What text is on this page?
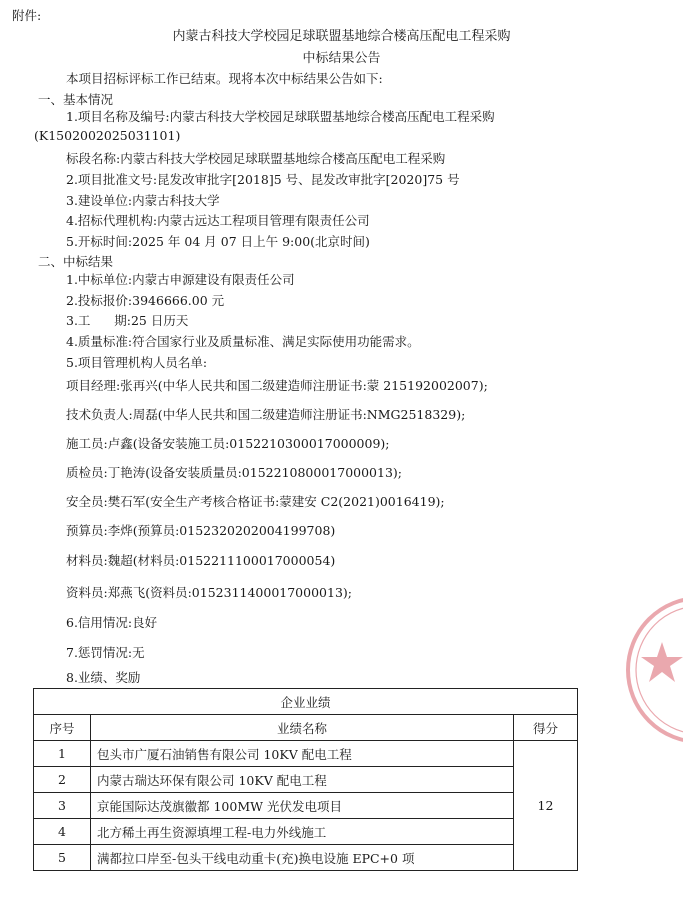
附件:
内蒙古科技大学校园足球联盟基地综合楼高压配电工程采购
中标结果公告
本项目招标评标工作已结束。现将本次中标结果公告如下:
一、基本情况
1.项目名称及编号:内蒙古科技大学校园足球联盟基地综合楼高压配电工程采购
(K1502002025031101)
标段名称:内蒙古科技大学校园足球联盟基地综合楼高压配电工程采购
2.项目批准文号:昆发改审批字[2018]5 号、昆发改审批字[2020]75 号
3.建设单位:内蒙古科技大学
4.招标代理机构:内蒙古远达工程项目管理有限责任公司
5.开标时间:2025 年 04 月 07 日上午 9:00(北京时间)
二、中标结果
1.中标单位:内蒙古申源建设有限责任公司
2.投标报价:3946666.00 元
3.工      期:25 日历天
4.质量标准:符合国家行业及质量标准、满足实际使用功能需求。
5.项目管理机构人员名单:
项目经理:张再兴(中华人民共和国二级建造师注册证书:蒙 215192002007);
技术负责人:周磊(中华人民共和国二级建造师注册证书:NMG2518329);
施工员:卢鑫(设备安装施工员:0152210300017000009);
质检员:丁艳涛(设备安装质量员:0152210800017000013);
安全员:樊石军(安全生产考核合格证书:蒙建安 C2(2021)0016419);
预算员:李烨(预算员:0152320202004199708)
材料员:魏超(材料员:0152211100017000054)
资料员:郑燕飞(资料员:0152311400017000013);
6.信用情况:良好
7.惩罚情况:无
8.业绩、奖励
企业业绩		
序号	业绩名称	得分
1	包头市广厦石油销售有限公司 10KV 配电工程	12
2	内蒙古瑞达环保有限公司 10KV 配电工程	
3	京能国际达茂旗徽都 100MW 光伏发电项目	
4	北方稀土再生资源填埋工程-电力外线施工	
5	满都拉口岸至-包头干线电动重卡(充)换电设施 EPC+0 项	
